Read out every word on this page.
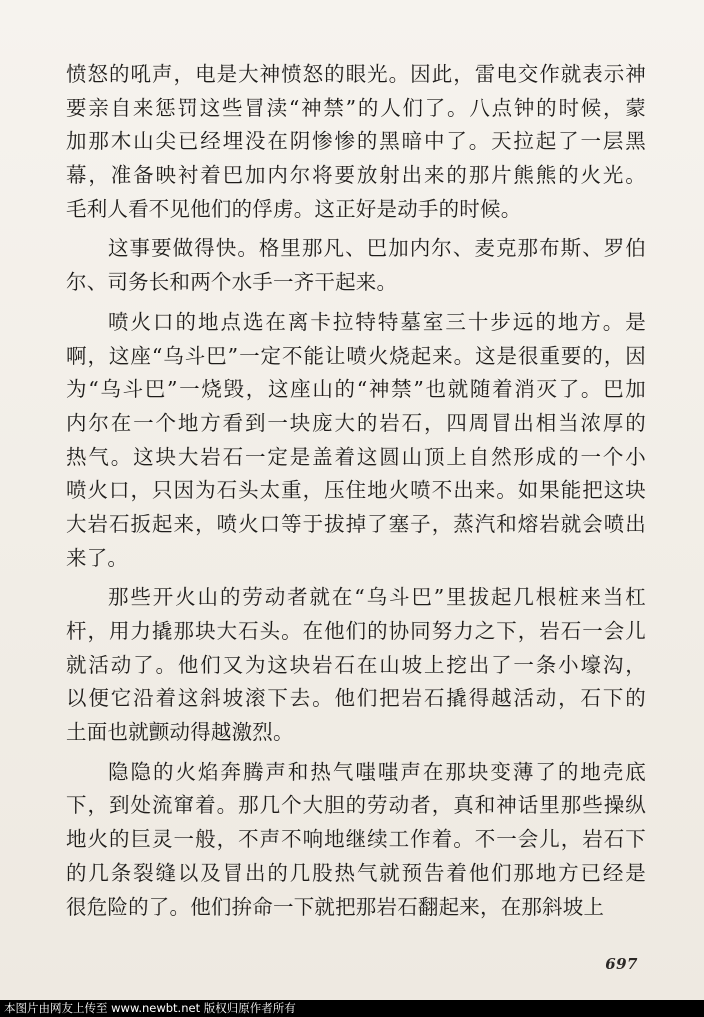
愤怒的吼声，电是大神愤怒的眼光。因此，雷电交作就表示神
要亲自来惩罚这些冒渎“神禁”的人们了。八点钟的时候，蒙
加那木山尖已经埋没在阴惨惨的黑暗中了。天拉起了一层黑
幕，准备映衬着巴加内尔将要放射出来的那片熊熊的火光。
毛利人看不见他们的俘虏。这正好是动手的时候。
这事要做得快。格里那凡、巴加内尔、麦克那布斯、罗伯
尔、司务长和两个水手一齐干起来。
喷火口的地点选在离卡拉特特墓室三十步远的地方。是
啊，这座“乌斗巴”一定不能让喷火烧起来。这是很重要的，因
为“乌斗巴”一烧毁，这座山的“神禁”也就随着消灭了。巴加
内尔在一个地方看到一块庞大的岩石，四周冒出相当浓厚的
热气。这块大岩石一定是盖着这圆山顶上自然形成的一个小
喷火口，只因为石头太重，压住地火喷不出来。如果能把这块
大岩石扳起来，喷火口等于拔掉了塞子，蒸汽和熔岩就会喷出
来了。
那些开火山的劳动者就在“乌斗巴”里拔起几根桩来当杠
杆，用力撬那块大石头。在他们的协同努力之下，岩石一会儿
就活动了。他们又为这块岩石在山坡上挖出了一条小壕沟，
以便它沿着这斜坡滚下去。他们把岩石撬得越活动，石下的
土面也就颤动得越激烈。
隐隐的火焰奔腾声和热气嗤嗤声在那块变薄了的地壳底
下，到处流窜着。那几个大胆的劳动者，真和神话里那些操纵
地火的巨灵一般，不声不响地继续工作着。不一会儿，岩石下
的几条裂缝以及冒出的几股热气就预告着他们那地方已经是
很危险的了。他们拚命一下就把那岩石翻起来，在那斜坡上
697
本图片由网友上传至 www.newbt.net 版权归原作者所有
